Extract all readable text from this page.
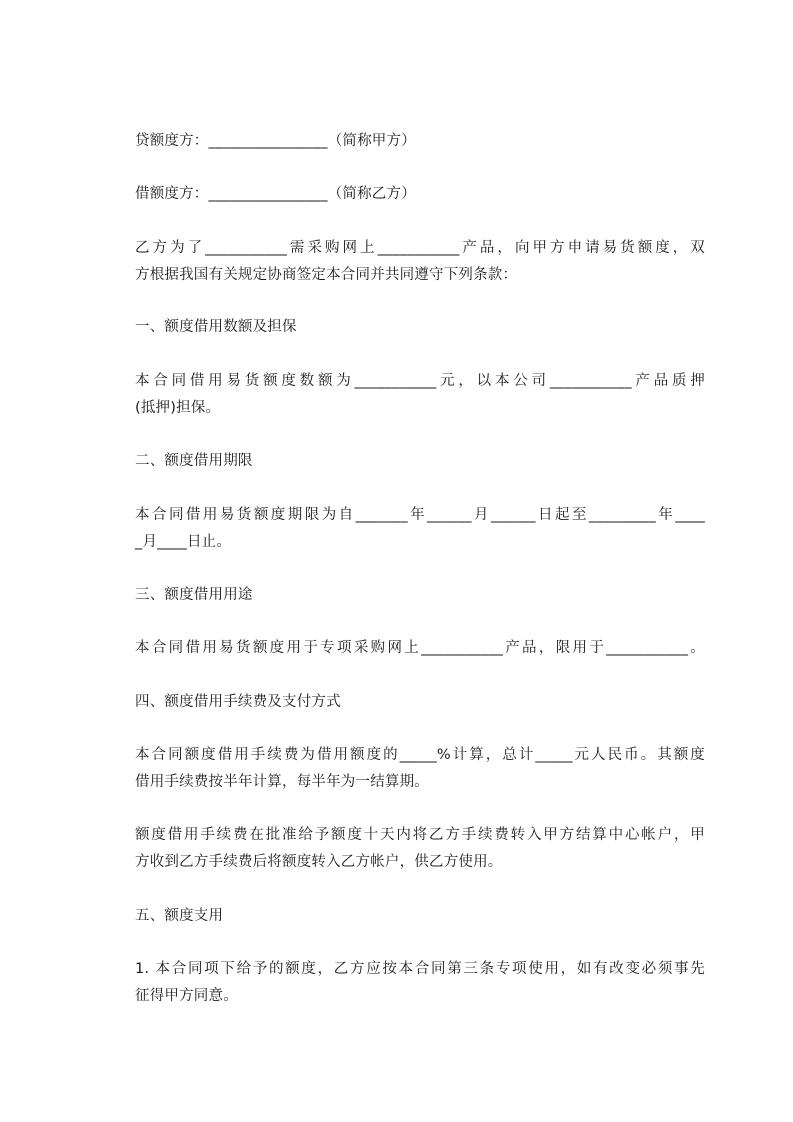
贷额度方：________________（简称甲方）
借额度方：________________（简称乙方）
乙方为了___________需采购网上___________产品，向甲方申请易货额度，双
方根据我国有关规定协商签定本合同并共同遵守下列条款：
一、额度借用数额及担保
本合同借用易货额度数额为___________元，以本公司___________产品质押
(抵押)担保。
二、额度借用期限
本合同借用易货额度期限为自_______年______月______日起至_________年____
_月____日止。
三、额度借用用途
本合同借用易货额度用于专项采购网上___________产品，限用于___________。
四、额度借用手续费及支付方式
本合同额度借用手续费为借用额度的_____%计算，总计_____元人民币。其额度
借用手续费按半年计算，每半年为一结算期。
额度借用手续费在批准给予额度十天内将乙方手续费转入甲方结算中心帐户，甲
方收到乙方手续费后将额度转入乙方帐户，供乙方使用。
五、额度支用
1. 本合同项下给予的额度，乙方应按本合同第三条专项使用，如有改变必须事先
征得甲方同意。
